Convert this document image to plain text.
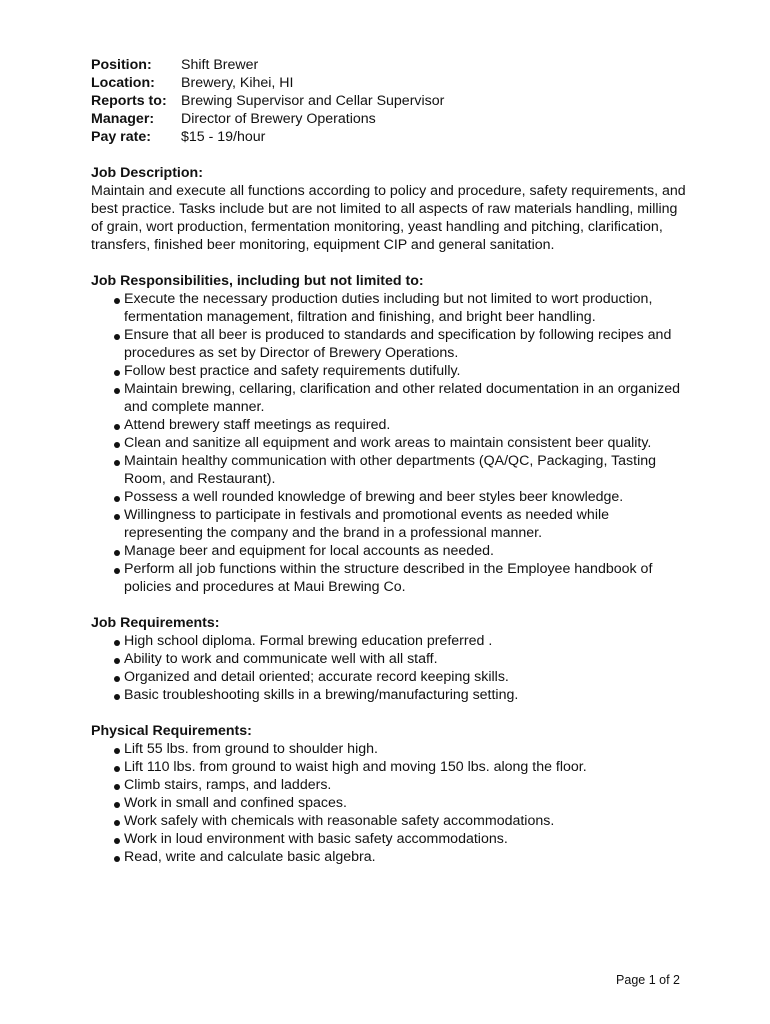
Position:	Shift Brewer
Location:	Brewery, Kihei, HI
Reports to:	Brewing Supervisor and Cellar Supervisor
Manager:	Director of Brewery Operations
Pay rate:	$15 - 19/hour
Job Description:

Maintain and execute all functions according to policy and procedure, safety requirements, and best practice. Tasks include but are not limited to all aspects of raw materials handling, milling of grain, wort production, fermentation monitoring, yeast handling and pitching, clarification, transfers, finished beer monitoring, equipment CIP and general sanitation.

Job Responsibilities, including but not limited to:
Execute the necessary production duties including but not limited to wort production, fermentation management, filtration and finishing, and bright beer handling.
Ensure that all beer is produced to standards and specification by following recipes and procedures as set by Director of Brewery Operations.
Follow best practice and safety requirements dutifully.
Maintain brewing, cellaring, clarification and other related documentation in an organized and complete manner.
Attend brewery staff meetings as required.
Clean and sanitize all equipment and work areas to maintain consistent beer quality.
Maintain healthy communication with other departments (QA/QC, Packaging, Tasting Room, and Restaurant).
Possess a well rounded knowledge of brewing and beer styles beer knowledge.
Willingness to participate in festivals and promotional events as needed while representing the company and the brand in a professional manner.
Manage beer and equipment for local accounts as needed.
Perform all job functions within the structure described in the Employee handbook of policies and procedures at Maui Brewing Co.
Job Requirements:
High school diploma. Formal brewing education preferred .
Ability to work and communicate well with all staff.
Organized and detail oriented; accurate record keeping skills.
Basic troubleshooting skills in a brewing/manufacturing setting.
Physical Requirements:
Lift 55 lbs. from ground to shoulder high.
Lift 110 lbs. from ground to waist high and moving 150 lbs. along the floor.
Climb stairs, ramps, and ladders.
Work in small and confined spaces.
Work safely with chemicals with reasonable safety accommodations.
Work in loud environment with basic safety accommodations.
Read, write and calculate basic algebra.
Page 1 of 2
